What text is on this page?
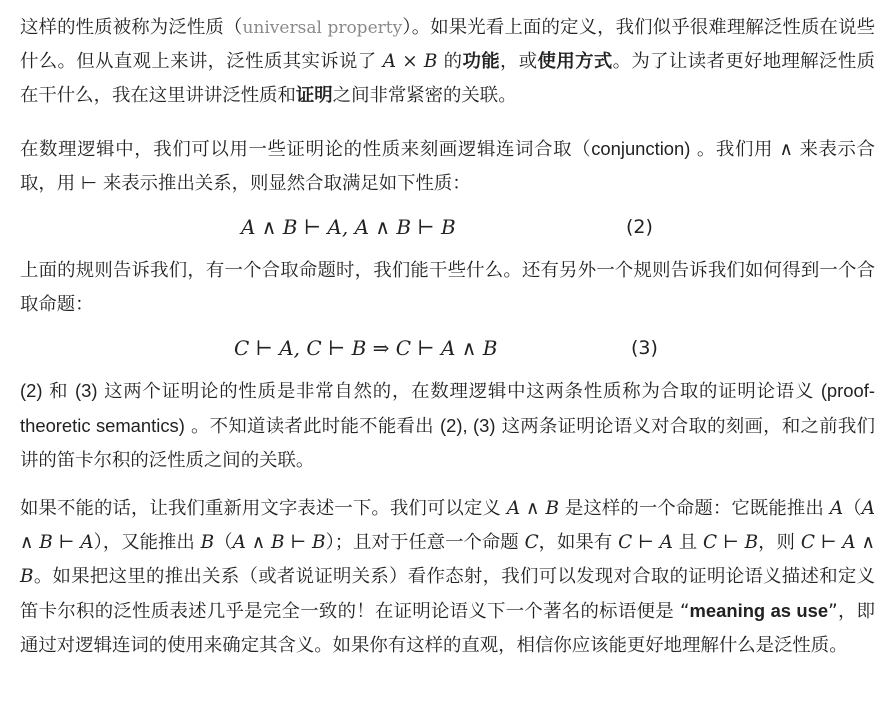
这样的性质被称为泛性质（universal property）。如果光看上面的定义，我们似乎很难理解泛性质在说些什么。但从直观上来讲，泛性质其实诉说了 A × B 的功能，或使用方式。为了让读者更好地理解泛性质在干什么，我在这里讲讲泛性质和证明之间非常紧密的关联。

在数理逻辑中，我们可以用一些证明论的性质来刻画逻辑连词合取（conjunction) 。我们用 ∧ 来表示合取，用 ⊢ 来表示推出关系，则显然合取满足如下性质：

A ∧ B ⊢ A, A ∧ B ⊢ B	(2)

上面的规则告诉我们，有一个合取命题时，我们能干些什么。还有另外一个规则告诉我们如何得到一个合取命题：

C ⊢ A, C ⊢ B ⇒ C ⊢ A ∧ B	(3)

(2) 和 (3) 这两个证明论的性质是非常自然的，在数理逻辑中这两条性质称为合取的证明论语义 (proof-theoretic semantics) 。不知道读者此时能不能看出 (2), (3) 这两条证明论语义对合取的刻画，和之前我们讲的笛卡尔积的泛性质之间的关联。

如果不能的话，让我们重新用文字表述一下。我们可以定义 A ∧ B 是这样的一个命题：它既能推出 A（A ∧ B ⊢ A），又能推出 B（A ∧ B ⊢ B）；且对于任意一个命题 C，如果有 C ⊢ A 且 C ⊢ B，则 C ⊢ A ∧ B。如果把这里的推出关系（或者说证明关系）看作态射，我们可以发现对合取的证明论语义描述和定义笛卡尔积的泛性质表述几乎是完全一致的！在证明论语义下一个著名的标语便是 “meaning as use”，即通过对逻辑连词的使用来确定其含义。如果你有这样的直观，相信你应该能更好地理解什么是泛性质。
